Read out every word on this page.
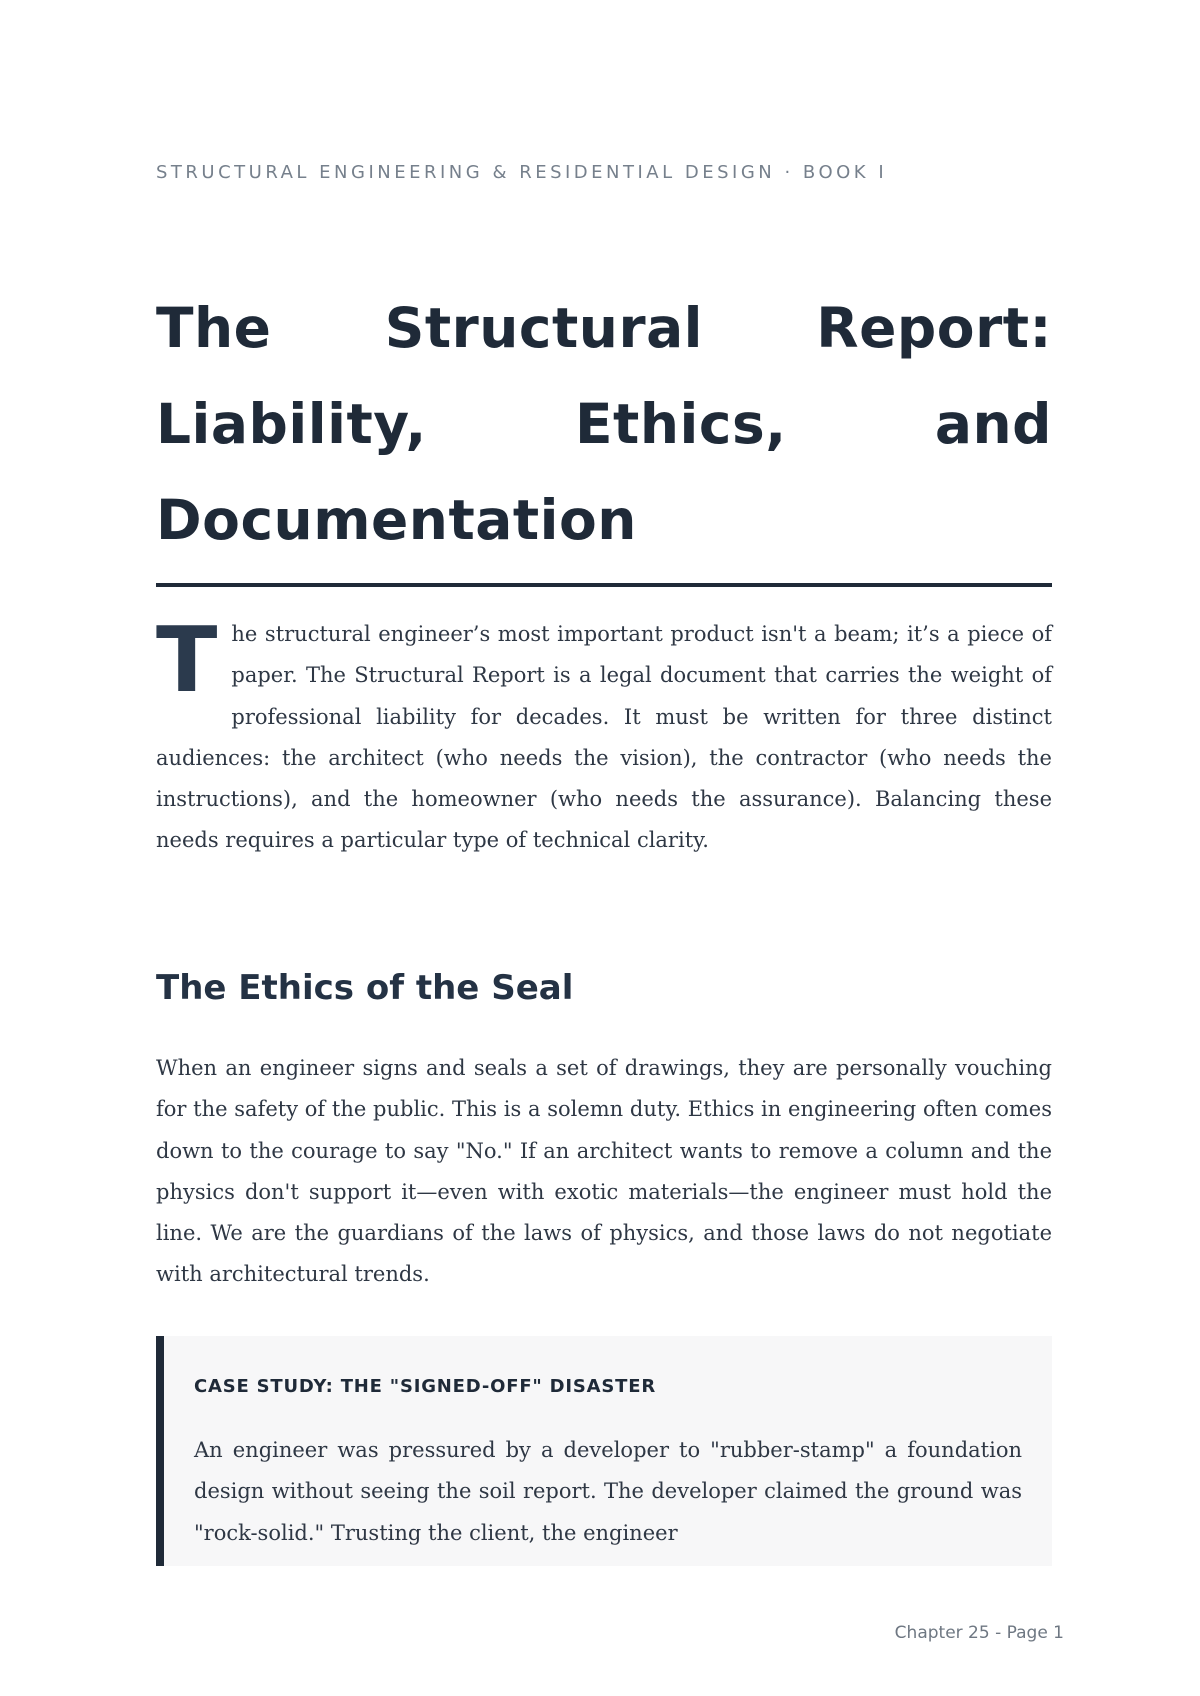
STRUCTURAL ENGINEERING & RESIDENTIAL DESIGN · BOOK I
The Structural Report: Liability, Ethics, and Documentation

The structural engineer’s most important product isn't a beam; it’s a piece of paper. The Structural Report is a legal document that carries the weight of professional liability for decades. It must be written for three distinct audiences: the architect (who needs the vision), the contractor (who needs the instructions), and the homeowner (who needs the assurance). Balancing these needs requires a particular type of technical clarity.

The Ethics of the Seal

When an engineer signs and seals a set of drawings, they are personally vouching for the safety of the public. This is a solemn duty. Ethics in engineering often comes down to the courage to say "No." If an architect wants to remove a column and the physics don't support it—even with exotic materials—the engineer must hold the line. We are the guardians of the laws of physics, and those laws do not negotiate with architectural trends.

CASE STUDY: THE "SIGNED-OFF" DISASTER

An engineer was pressured by a developer to "rubber-stamp" a foundation design without seeing the soil report. The developer claimed the ground was "rock-solid." Trusting the client, the engineer

Chapter 25 - Page 1
